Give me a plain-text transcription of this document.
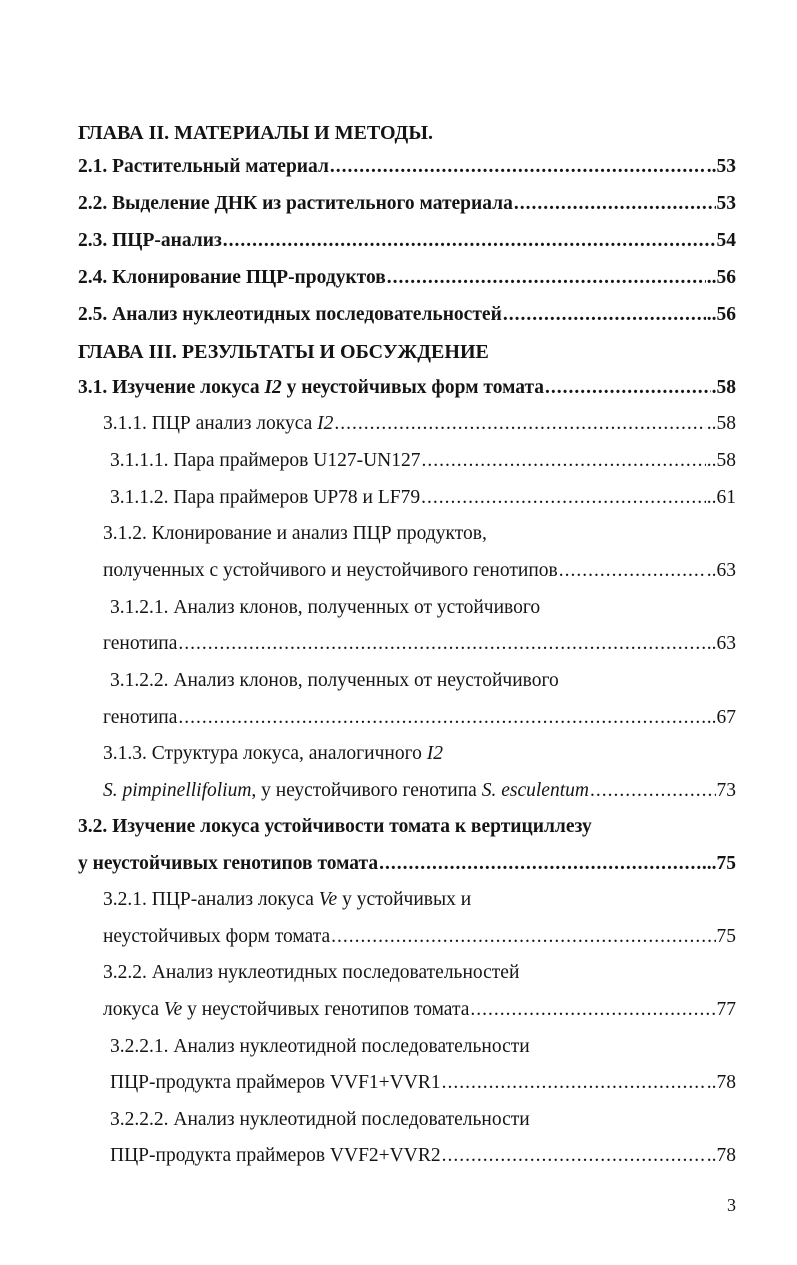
ГЛАВА II. МАТЕРИАЛЫ И МЕТОДЫ.
2.1. Растительный материал .....	..53
2.2. Выделение ДНК из растительного материала .....	53
2.3. ПЦР-анализ .....	54
2.4. Клонирование ПЦР-продуктов .....	..56
2.5. Анализ нуклеотидных последовательностей .....	..56
ГЛАВА III. РЕЗУЛЬТАТЫ И ОБСУЖДЕНИЕ
3.1. Изучение локуса I2 у неустойчивых форм томата .....	.58
3.1.1. ПЦР анализ локуса I2 .....	..58
3.1.1.1. Пара праймеров U127-UN127 .....	..58
3.1.1.2. Пара праймеров UP78 и LF79 .....	..61
3.1.2. Клонирование и анализ ПЦР продуктов,
полученных с устойчивого и неустойчивого генотипов .....	..63
3.1.2.1. Анализ клонов, полученных от устойчивого
генотипа .....	..63
3.1.2.2. Анализ клонов, полученных от неустойчивого
генотипа .....	..67
3.1.3. Структура локуса, аналогичного I2
S. pimpinellifolium, у неустойчивого генотипа S. esculentum .....	73
3.2. Изучение локуса устойчивости томата к вертициллезу
у неустойчивых генотипов томата .....	...75
3.2.1. ПЦР-анализ локуса Ve у устойчивых и
неустойчивых форм томата .....	75
3.2.2. Анализ нуклеотидных последовательностей
локуса Ve у неустойчивых генотипов томата .....	77
3.2.2.1. Анализ нуклеотидной последовательности
ПЦР-продукта праймеров VVF1+VVR1 .....	..78
3.2.2.2. Анализ нуклеотидной последовательности
ПЦР-продукта праймеров VVF2+VVR2 .....	..78
3
